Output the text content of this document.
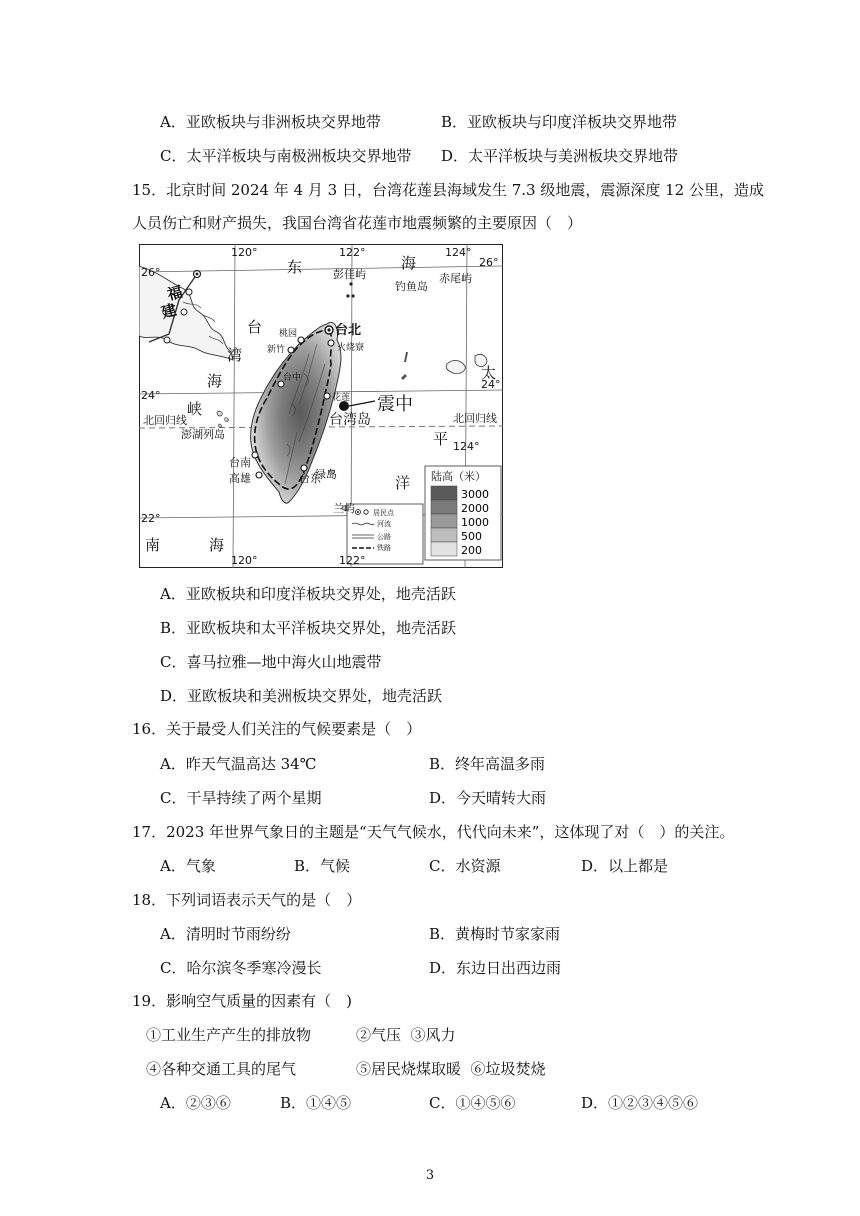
A．亚欧板块与非洲板块交界地带	B．亚欧板块与印度洋板块交界地带
C．太平洋板块与南极洲板块交界地带 D．太平洋板块与美洲板块交界地带
15．北京时间 2024 年 4 月 3 日，台湾花莲县海域发生 7.3 级地震，震源深度 12 公里，造成
人员伤亡和财产损失，我国台湾省花莲市地震频繁的主要原因（　）
3000
2000
1000
500
200
120°	122°	124°
26°
26°
24°
24°
22°
124°
120°	122°
福
建
东	海
台
湾
海
峡
太
平
洋
南	海
彭佳屿
钓鱼岛
赤尾屿
桃园	台北
新竹	火烧寮
台中
花莲 震中
台湾岛
北回归线	北回归线
澎湖列岛
台南
高雄	台东
绿岛
兰屿
陆高（米）
居民点
河流
公路
铁路
A．亚欧板块和印度洋板块交界处，地壳活跃
B．亚欧板块和太平洋板块交界处，地壳活跃
C．喜马拉雅—地中海火山地震带
D．亚欧板块和美洲板块交界处，地壳活跃
16．关于最受人们关注的气候要素是（　）
A．昨天气温高达 34℃	B．终年高温多雨
C．干旱持续了两个星期	D．今天晴转大雨
17．2023 年世界气象日的主题是“天气气候水，代代向未来”，这体现了对（　）的关注。
A．气象	B．气候	C．水资源	D．以上都是
18．下列词语表示天气的是（　）
A．清明时节雨纷纷	B．黄梅时节家家雨
C．哈尔滨冬季寒冷漫长	D．东边日出西边雨
19．影响空气质量的因素有（　)
①工业生产产生的排放物　　　②气压  ③风力
④各种交通工具的尾气　　　　⑤居民烧煤取暖  ⑥垃圾焚烧
A．②③⑥	B．①④⑤	C．①④⑤⑥	D．①②③④⑤⑥
3
